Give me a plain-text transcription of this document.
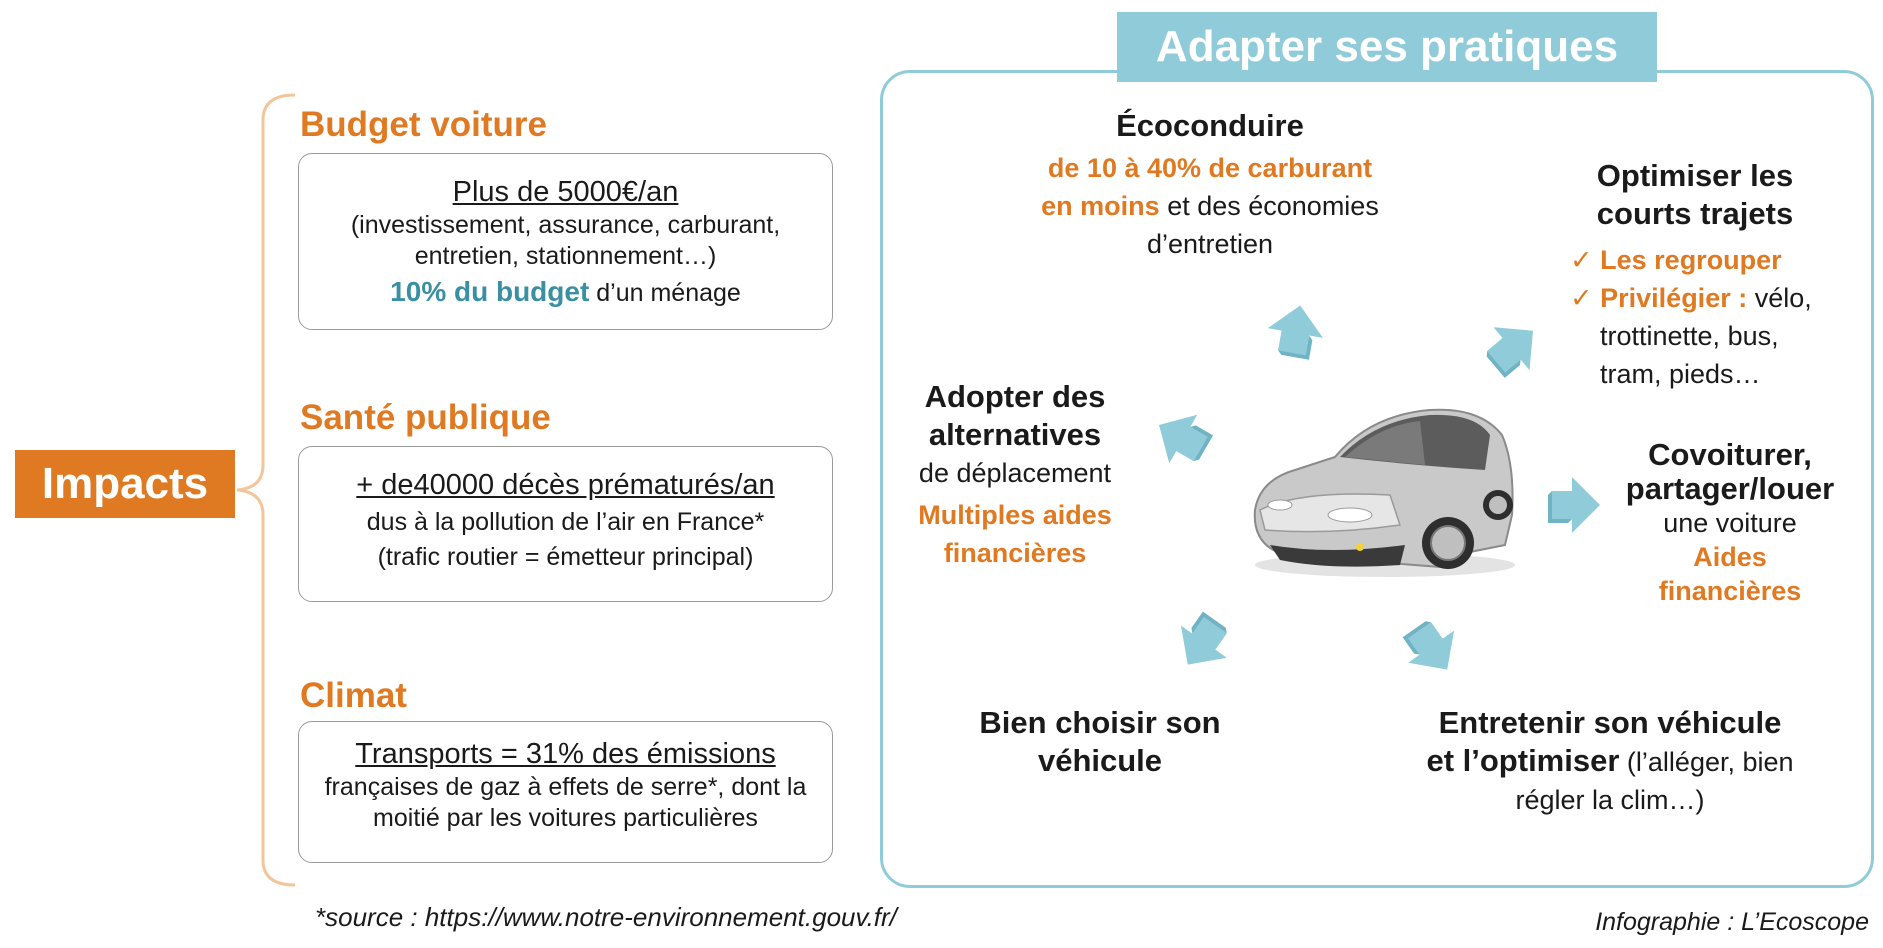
Impacts
Budget voiture
Plus de 5000€/an
(investissement, assurance, carburant,
entretien, stationnement…)
10% du budget d’un ménage
Santé publique
+ de40000 décès prématurés/an
dus à la pollution de l’air en France*
(trafic routier = émetteur principal)
Climat
Transports = 31% des émissions
françaises de gaz à effets de serre*, dont la
moitié par les voitures particulières
Adapter ses pratiques
Écoconduire
de 10 à 40% de carburant
en moins et des économies
d’entretien
Optimiser les
courts trajets
✓ Les regrouper
✓ Privilégier : vélo,
trottinette, bus,
tram, pieds…
Covoiturer,
partager/louer
une voiture
Aides
financières
Entretenir son véhicule
et l’optimiser (l’alléger, bien
régler la clim…)
Bien choisir son
véhicule
Adopter des
alternatives
de déplacement
Multiples aides
financières
*source : https://www.notre-environnement.gouv.fr/	Infographie : L’Ecoscope
